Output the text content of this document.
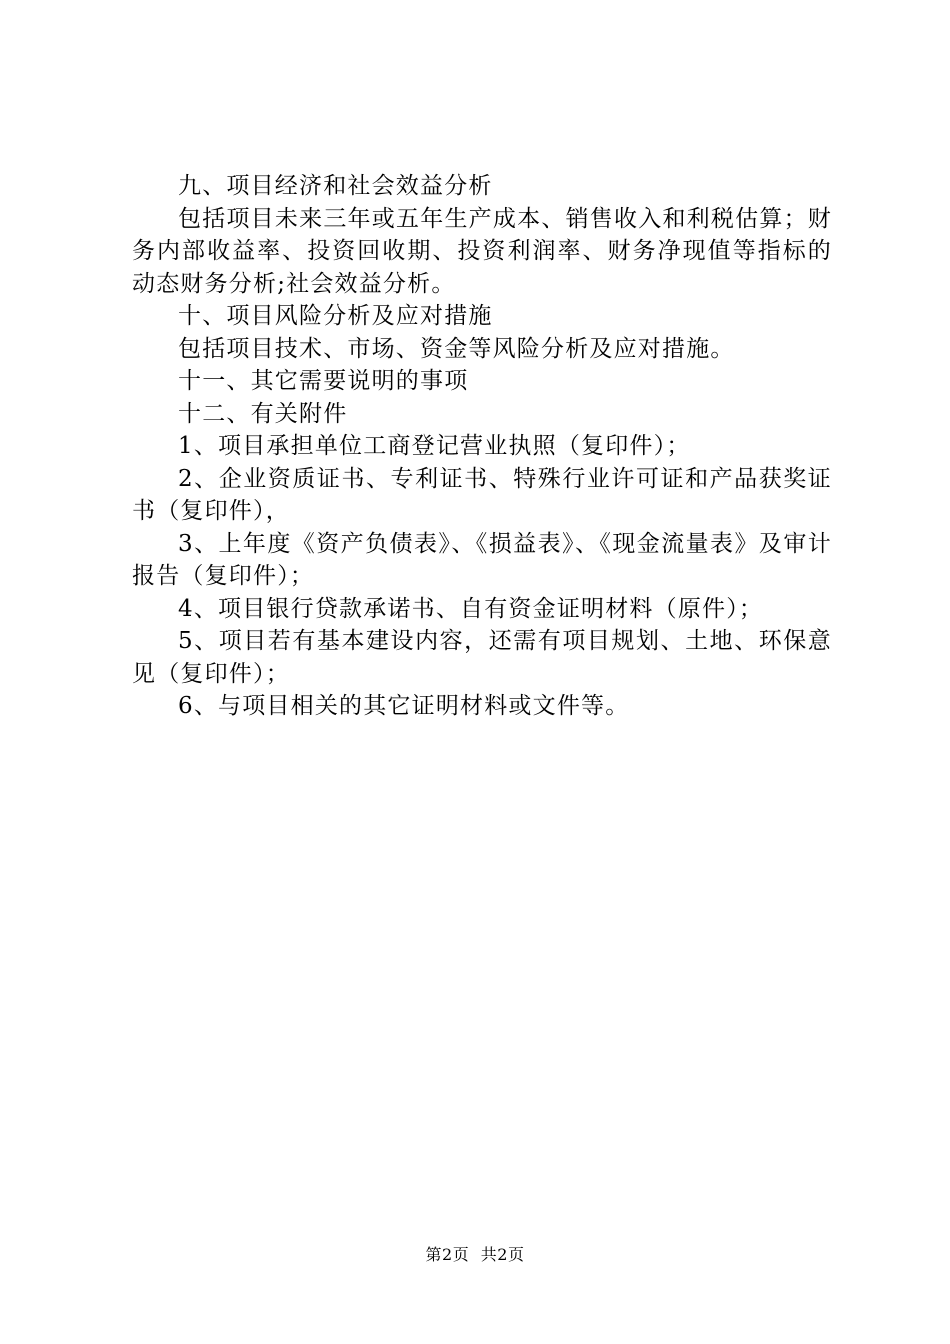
九、项目经济和社会效益分析

包括项目未来三年或五年生产成本、销售收入和利税估算；财务内部收益率、投资回收期、投资利润率、财务净现值等指标的动态财务分析;社会效益分析。

十、项目风险分析及应对措施

包括项目技术、市场、资金等风险分析及应对措施。

十一、其它需要说明的事项

十二、有关附件

1、项目承担单位工商登记营业执照（复印件）；

2、企业资质证书、专利证书、特殊行业许可证和产品获奖证书（复印件），

3、上年度《资产负债表》、《损益表》、《现金流量表》及审计报告（复印件）；

4、项目银行贷款承诺书、自有资金证明材料（原件）；

5、项目若有基本建设内容，还需有项目规划、土地、环保意见（复印件）；

6、与项目相关的其它证明材料或文件等。

第2页 共2页
